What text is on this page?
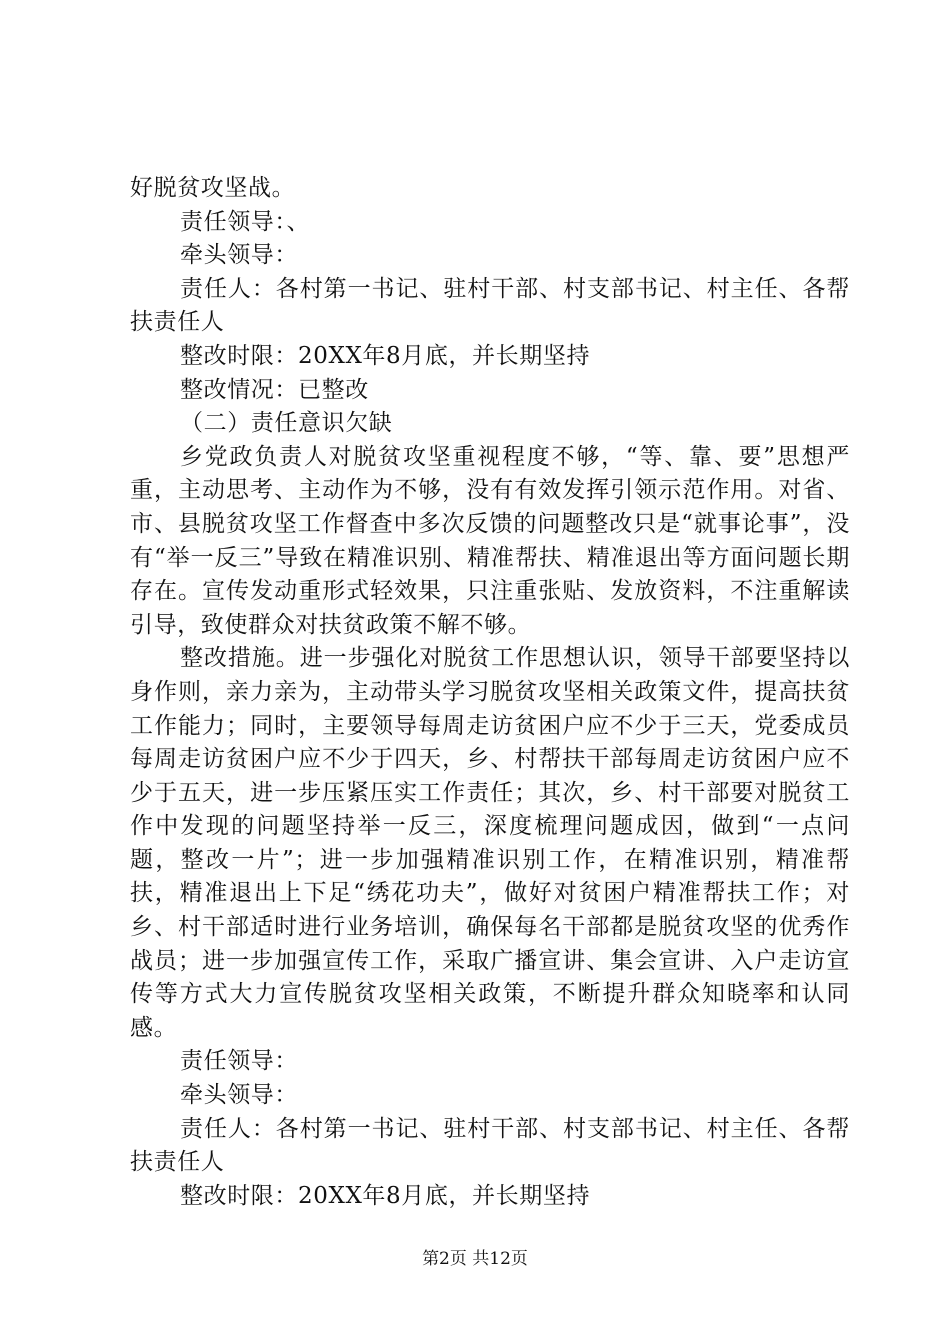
好脱贫攻坚战。

责任领导：、

牵头领导：

责任人：各村第一书记、驻村干部、村支部书记、村主任、各帮扶责任人

整改时限：20XX年8月底，并长期坚持

整改情况：已整改

（二）责任意识欠缺

乡党政负责人对脱贫攻坚重视程度不够，“等、靠、要”思想严重，主动思考、主动作为不够，没有有效发挥引领示范作用。对省、市、县脱贫攻坚工作督查中多次反馈的问题整改只是“就事论事”，没有“举一反三”导致在精准识别、精准帮扶、精准退出等方面问题长期存在。宣传发动重形式轻效果，只注重张贴、发放资料，不注重解读引导，致使群众对扶贫政策不解不够。

整改措施。进一步强化对脱贫工作思想认识，领导干部要坚持以身作则，亲力亲为，主动带头学习脱贫攻坚相关政策文件，提高扶贫工作能力；同时，主要领导每周走访贫困户应不少于三天，党委成员每周走访贫困户应不少于四天，乡、村帮扶干部每周走访贫困户应不少于五天，进一步压紧压实工作责任；其次，乡、村干部要对脱贫工作中发现的问题坚持举一反三，深度梳理问题成因，做到“一点问题，整改一片”；进一步加强精准识别工作，在精准识别，精准帮扶，精准退出上下足“绣花功夫”，做好对贫困户精准帮扶工作；对乡、村干部适时进行业务培训，确保每名干部都是脱贫攻坚的优秀作战员；进一步加强宣传工作，采取广播宣讲、集会宣讲、入户走访宣传等方式大力宣传脱贫攻坚相关政策，不断提升群众知晓率和认同感。

责任领导：

牵头领导：

责任人：各村第一书记、驻村干部、村支部书记、村主任、各帮扶责任人

整改时限：20XX年8月底，并长期坚持

第2页 共12页
